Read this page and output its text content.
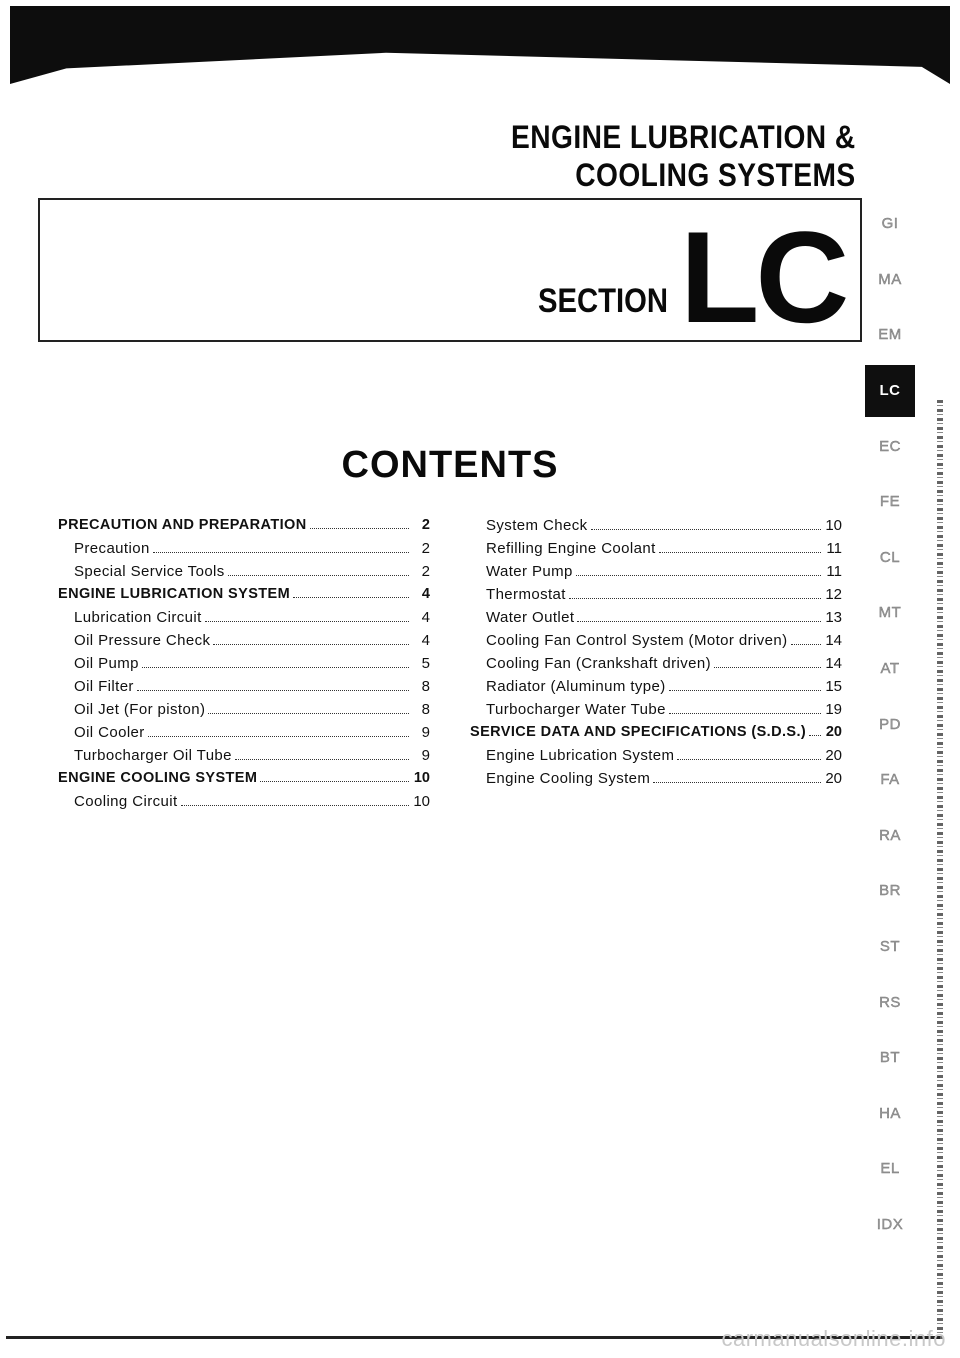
ENGINE LUBRICATION &
COOLING SYSTEMS
SECTION LC
CONTENTS
PRECAUTION AND PREPARATION	2
Precaution	2
Special Service Tools	2
ENGINE LUBRICATION SYSTEM	4
Lubrication Circuit	4
Oil Pressure Check	4
Oil Pump	5
Oil Filter	8
Oil Jet (For piston)	8
Oil Cooler	9
Turbocharger Oil Tube	9
ENGINE COOLING SYSTEM	10
Cooling Circuit	10
System Check	10
Refilling Engine Coolant	11
Water Pump	11
Thermostat	12
Water Outlet	13
Cooling Fan Control System (Motor driven)	14
Cooling Fan (Crankshaft driven)	14
Radiator (Aluminum type)	15
Turbocharger Water Tube	19
SERVICE DATA AND SPECIFICATIONS (S.D.S.) 20
Engine Lubrication System	20
Engine Cooling System	20
GI
MA
EM
LC
EC
FE
CL
MT
AT
PD
FA
RA
BR
ST
RS
BT
HA
EL
IDX
carmanualsonline.info
